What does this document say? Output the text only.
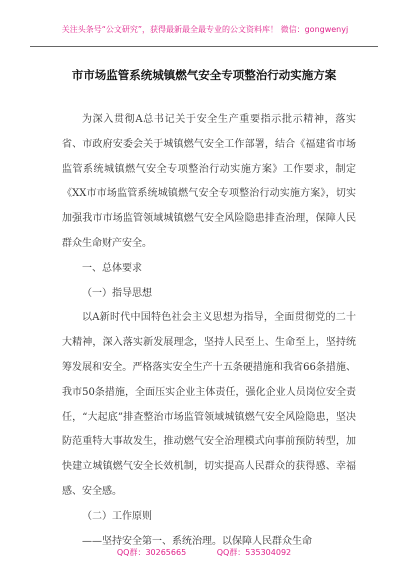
关注头条号“公文研究”，获得最新最全最专业的公文资料库！ 微信：gongwenyj
市市场监管系统城镇燃气安全专项整治行动实施方案

为深入贯彻A总书记关于安全生产重要指示批示精神，落实省、市政府安委会关于城镇燃气安全工作部署，结合《福建省市场监管系统城镇燃气安全专项整治行动实施方案》工作要求，制定《XX市市场监管系统城镇燃气安全专项整治行动实施方案》，切实加强我市市场监管领域城镇燃气安全风险隐患排查治理，保障人民群众生命财产安全。

一、总体要求

（一）指导思想

以A新时代中国特色社会主义思想为指导，全面贯彻党的二十大精神，深入落实新发展理念，坚持人民至上、生命至上，坚持统筹发展和安全。严格落实安全生产十五条硬措施和我省66条措施、我市50条措施，全面压实企业主体责任，强化企业人员岗位安全责任，“大起底”排查整治市场监管领域城镇燃气安全风险隐患，坚决防范重特大事故发生，推动燃气安全治理模式向事前预防转型，加快建立城镇燃气安全长效机制，切实提高人民群众的获得感、幸福感、安全感。

（二）工作原则

——坚持安全第一、系统治理。以保障人民群众生命

QQ群：30265665	QQ群：535304092
